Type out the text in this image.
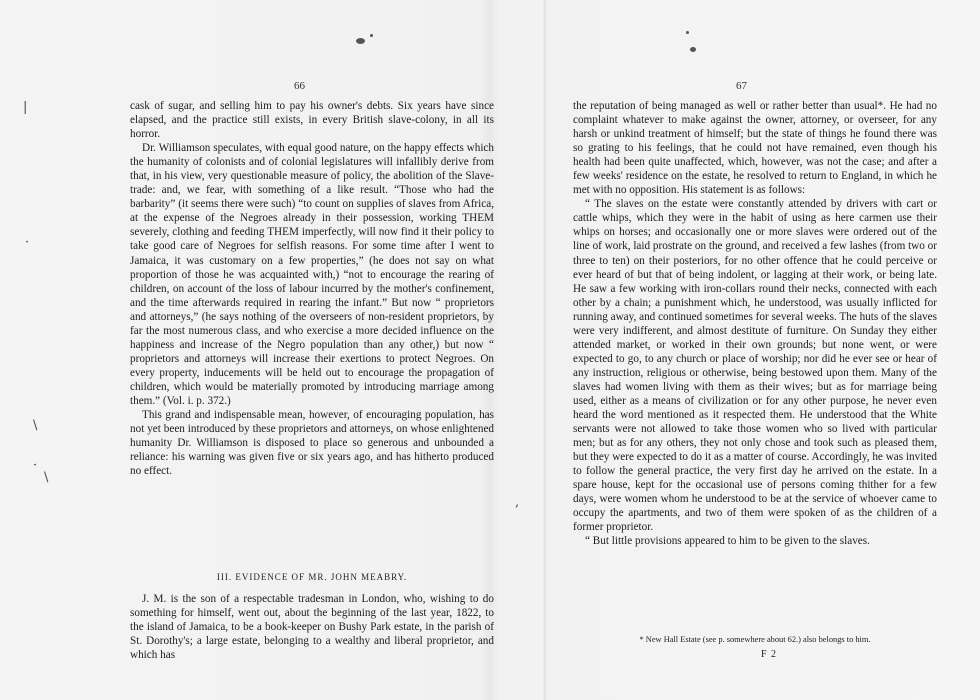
|
·
\
·
\
,
66

cask of sugar, and selling him to pay his owner's debts. Six years have since elapsed, and the practice still exists, in every British slave-colony, in all its horror.

Dr. Williamson speculates, with equal good nature, on the happy effects which the humanity of colonists and of colonial legislatures will infallibly derive from that, in his view, very questionable measure of policy, the abolition of the Slave-trade: and, we fear, with something of a like result. “Those who had the barbarity” (it seems there were such) “to count on supplies of slaves from Africa, at the expense of the Negroes already in their possession, working THEM severely, clothing and feeding THEM imperfectly, will now find it their policy to take good care of Negroes for selfish reasons. For some time after I went to Jamaica, it was customary on a few properties,” (he does not say on what proportion of those he was acquainted with,) “not to encourage the rearing of children, on account of the loss of labour incurred by the mother's confinement, and the time afterwards required in rearing the infant.” But now “ proprietors and attorneys,” (he says nothing of the overseers of non-resident proprietors, by far the most numerous class, and who exercise a more decided influence on the happiness and increase of the Negro population than any other,) but now “ proprietors and attorneys will increase their exertions to protect Negroes. On every property, inducements will be held out to encourage the propagation of children, which would be materially promoted by introducing marriage among them.” (Vol. i. p. 372.)

This grand and indispensable mean, however, of encouraging population, has not yet been introduced by these proprietors and attorneys, on whose enlightened humanity Dr. Williamson is disposed to place so generous and unbounded a reliance: his warning was given five or six years ago, and has hitherto produced no effect.

III. EVIDENCE OF MR. JOHN MEABRY.

J. M. is the son of a respectable tradesman in London, who, wishing to do something for himself, went out, about the beginning of the last year, 1822, to the island of Jamaica, to be a book-keeper on Bushy Park estate, in the parish of St. Dorothy's; a large estate, belonging to a wealthy and liberal proprietor, and which has

67

the reputation of being managed as well or rather better than usual*. He had no complaint whatever to make against the owner, attorney, or overseer, for any harsh or unkind treatment of himself; but the state of things he found there was so grating to his feelings, that he could not have remained, even though his health had been quite unaffected, which, however, was not the case; and after a few weeks' residence on the estate, he resolved to return to England, in which he met with no opposition. His statement is as follows:

“ The slaves on the estate were constantly attended by drivers with cart or cattle whips, which they were in the habit of using as here carmen use their whips on horses; and occasionally one or more slaves were ordered out of the line of work, laid prostrate on the ground, and received a few lashes (from two or three to ten) on their posteriors, for no other offence that he could perceive or ever heard of but that of being indolent, or lagging at their work, or being late. He saw a few working with iron-collars round their necks, connected with each other by a chain; a punishment which, he understood, was usually inflicted for running away, and continued sometimes for several weeks. The huts of the slaves were very indifferent, and almost destitute of furniture. On Sunday they either attended market, or worked in their own grounds; but none went, or were expected to go, to any church or place of worship; nor did he ever see or hear of any instruction, religious or otherwise, being bestowed upon them. Many of the slaves had women living with them as their wives; but as for marriage being used, either as a means of civilization or for any other purpose, he never even heard the word mentioned as it respected them. He understood that the White servants were not allowed to take those women who so lived with particular men; but as for any others, they not only chose and took such as pleased them, but they were expected to do it as a matter of course. Accordingly, he was invited to follow the general practice, the very first day he arrived on the estate. In a spare house, kept for the occasional use of persons coming thither for a few days, were women whom he understood to be at the service of whoever came to occupy the apartments, and two of them were spoken of as the children of a former proprietor.

“ But little provisions appeared to him to be given to the slaves.

* New Hall Estate (see p. somewhere about 62.) also belongs to him.
F 2
